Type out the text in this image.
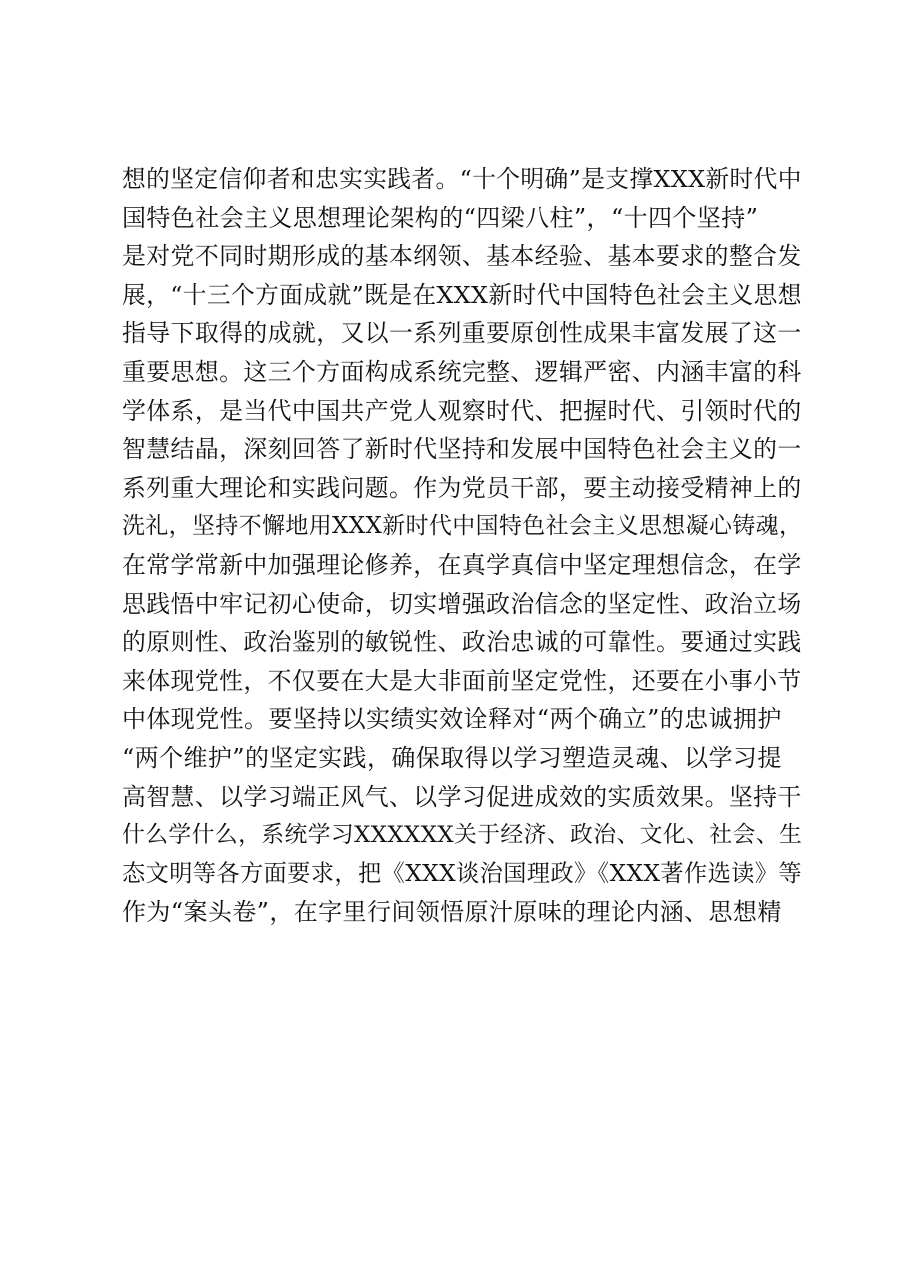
想的坚定信仰者和忠实实践者。“十个明确”是支撑XXX新时代中
国特色社会主义思想理论架构的“四梁八柱”，“十四个坚持”
是对党不同时期形成的基本纲领、基本经验、基本要求的整合发
展，“十三个方面成就”既是在XXX新时代中国特色社会主义思想
指导下取得的成就，又以一系列重要原创性成果丰富发展了这一
重要思想。这三个方面构成系统完整、逻辑严密、内涵丰富的科
学体系，是当代中国共产党人观察时代、把握时代、引领时代的
智慧结晶，深刻回答了新时代坚持和发展中国特色社会主义的一
系列重大理论和实践问题。作为党员干部，要主动接受精神上的
洗礼，坚持不懈地用XXX新时代中国特色社会主义思想凝心铸魂，
在常学常新中加强理论修养，在真学真信中坚定理想信念，在学
思践悟中牢记初心使命，切实增强政治信念的坚定性、政治立场
的原则性、政治鉴别的敏锐性、政治忠诚的可靠性。要通过实践
来体现党性，不仅要在大是大非面前坚定党性，还要在小事小节
中体现党性。要坚持以实绩实效诠释对“两个确立”的忠诚拥护
“两个维护”的坚定实践，确保取得以学习塑造灵魂、以学习提
高智慧、以学习端正风气、以学习促进成效的实质效果。坚持干
什么学什么，系统学习XXXXXX关于经济、政治、文化、社会、生
态文明等各方面要求，把《XXX谈治国理政》《XXX著作选读》等
作为“案头卷”，在字里行间领悟原汁原味的理论内涵、思想精
